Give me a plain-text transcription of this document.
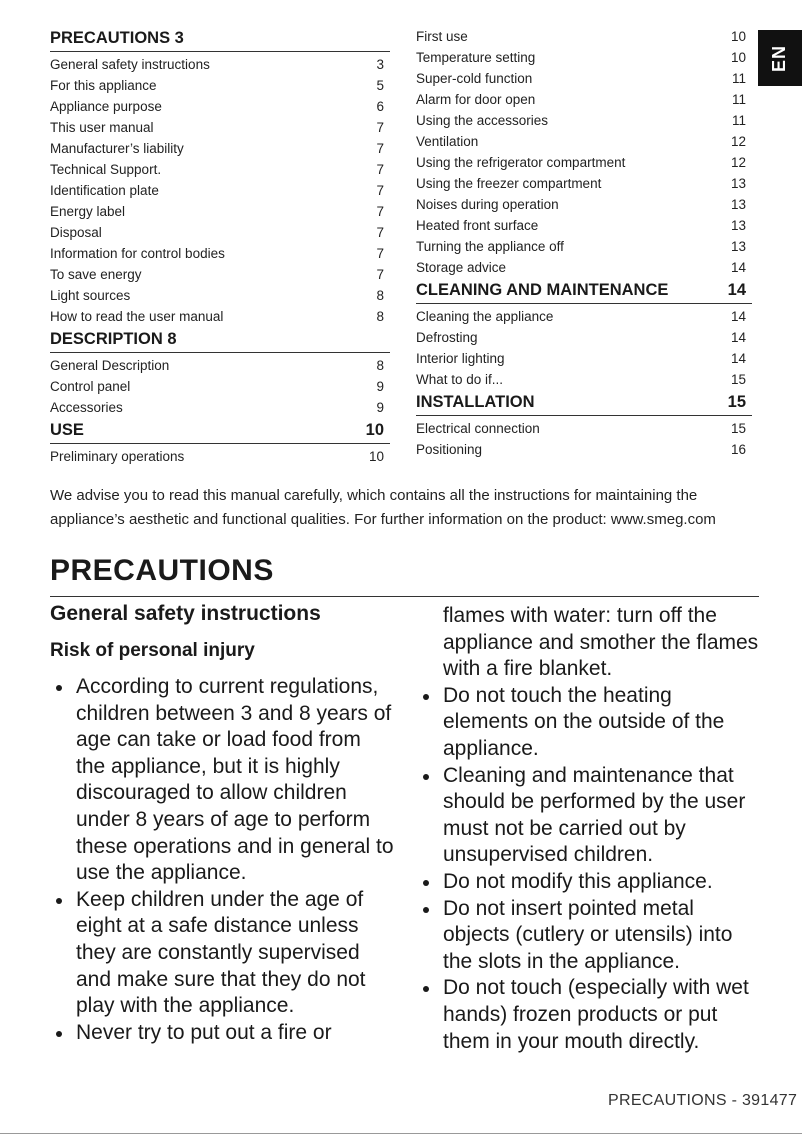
PRECAUTIONS 3
General safety instructions	3
For this appliance	5
Appliance purpose	6
This user manual	7
Manufacturer’s liability	7
Technical Support.	7
Identification plate	7
Energy label	7
Disposal	7
Information for control bodies	7
To save energy	7
Light sources	8
How to read the user manual	8
DESCRIPTION 8
General Description	8
Control panel	9
Accessories	9
USE	10
Preliminary operations	10
First use	10
Temperature setting	10
Super-cold function	11
Alarm for door open	11
Using the accessories	11
Ventilation	12
Using the refrigerator compartment	12
Using the freezer compartment	13
Noises during operation	13
Heated front surface	13
Turning the appliance off	13
Storage advice	14
CLEANING AND MAINTENANCE	14
Cleaning the appliance	14
Defrosting	14
Interior lighting	14
What to do if...	15
INSTALLATION	15
Electrical connection	15
Positioning	16
EN
We advise you to read this manual carefully, which contains all the instructions for maintaining the appliance’s aesthetic and functional qualities. For further information on the product: www.smeg.com
PRECAUTIONS
General safety instructions
Risk of personal injury
According to current regulations, children between 3 and 8 years of age can take or load food from the appliance, but it is highly discouraged to allow children under 8 years of age to perform these operations and in general to use the appliance.
Keep children under the age of eight at a safe distance unless they are constantly supervised and make sure that they do not play with the appliance.
Never try to put out a fire or
flames with water: turn off the appliance and smother the flames with a fire blanket.
Do not touch the heating elements on the outside of the appliance.
Cleaning and maintenance that should be performed by the user must not be carried out by unsupervised children.
Do not modify this appliance.
Do not insert pointed metal objects (cutlery or utensils) into the slots in the appliance.
Do not touch (especially with wet hands) frozen products or put them in your mouth directly.
PRECAUTIONS - 391477
